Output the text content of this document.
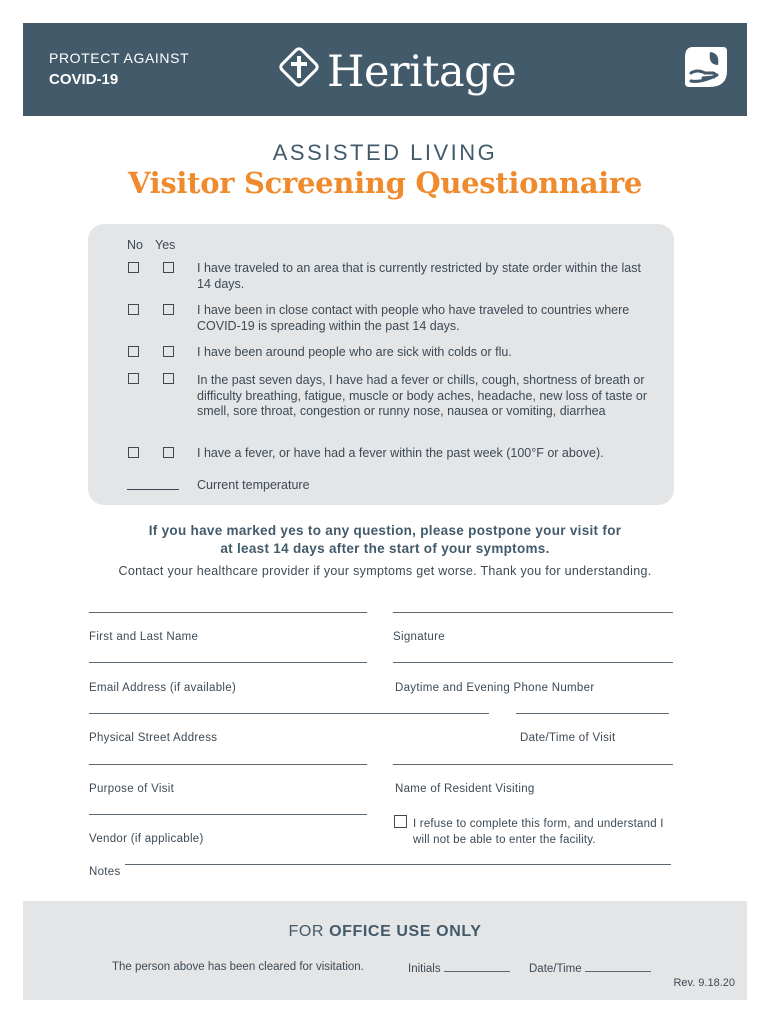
PROTECT AGAINST
COVID-19	Heritage
ASSISTED LIVING
Visitor Screening Questionnaire
No Yes
I have traveled to an area that is currently restricted by state order within the last 14 days.
I have been in close contact with people who have traveled to countries where COVID-19 is spreading within the past 14 days.
I have been around people who are sick with colds or flu.
In the past seven days, I have had a fever or chills, cough, shortness of breath or difficulty breathing, fatigue, muscle or body aches, headache, new loss of taste or smell, sore throat, congestion or runny nose, nausea or vomiting, diarrhea
I have a fever, or have had a fever within the past week (100°F or above).
Current temperature
If you have marked yes to any question, please postpone your visit for
at least 14 days after the start of your symptoms.
Contact your healthcare provider if your symptoms get worse. Thank you for understanding.
First and Last Name	Signature
Email Address (if available)	Daytime and Evening Phone Number
Physical Street Address	Date/Time of Visit
Purpose of Visit	Name of Resident Visiting
Vendor (if applicable)
I refuse to complete this form, and understand I will not be able to enter the facility.
Notes
FOR OFFICE USE ONLY
The person above has been cleared for visitation.	Initials	Date/Time
Rev. 9.18.20
